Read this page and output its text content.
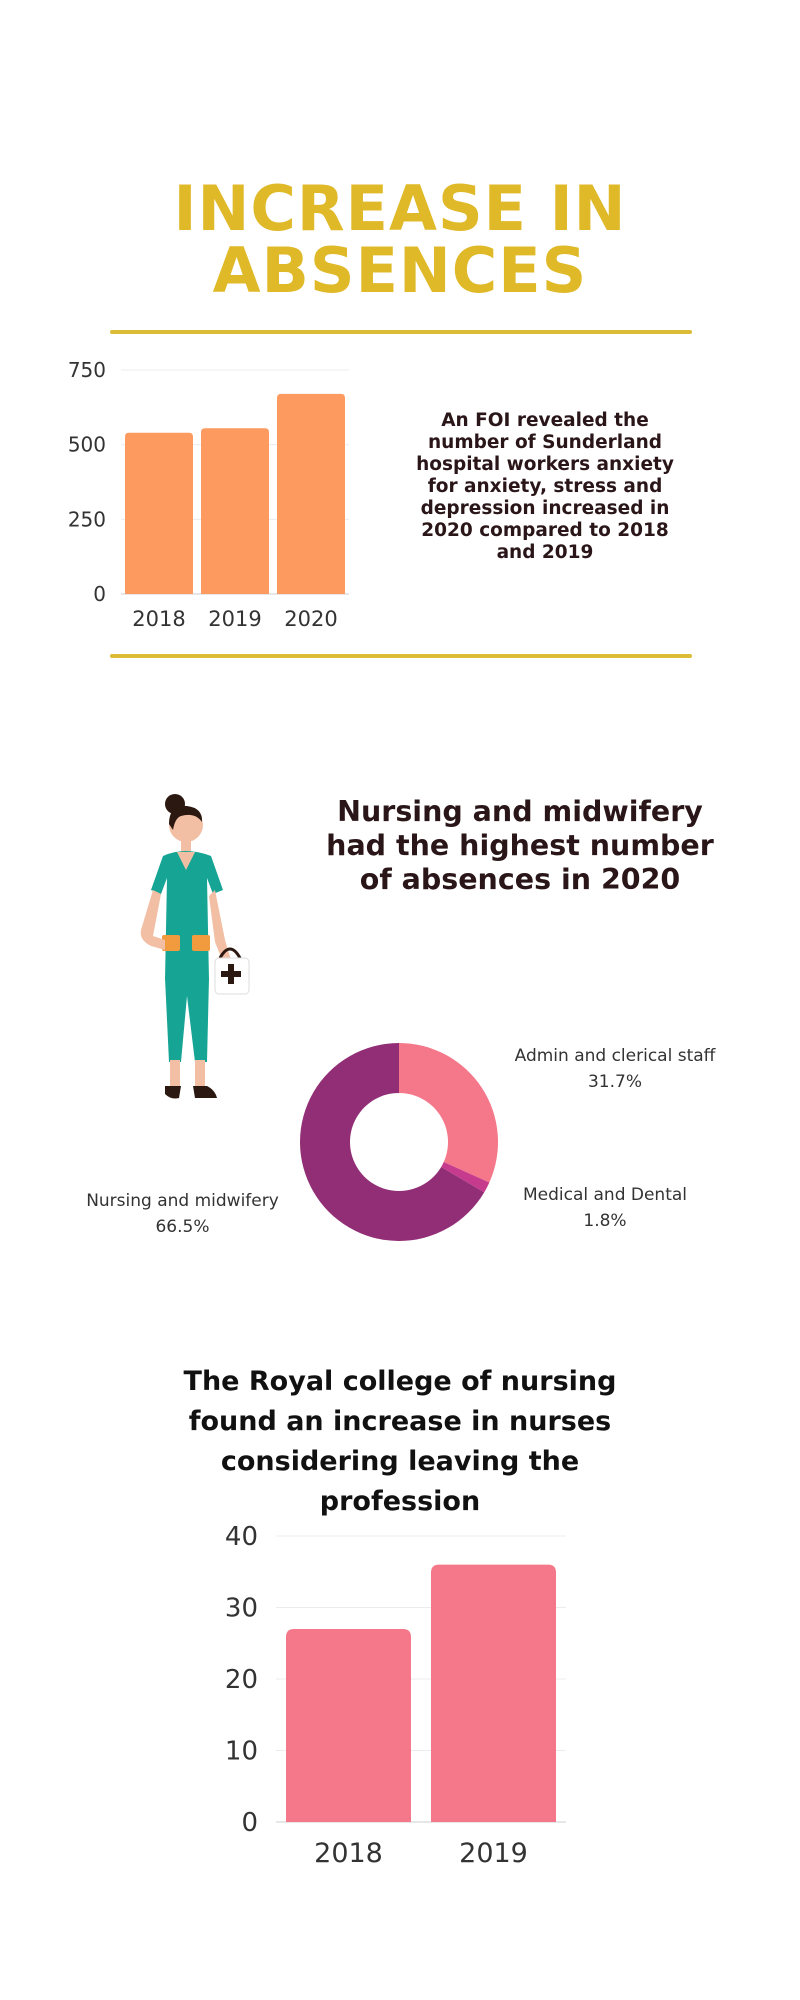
INCREASE IN
ABSENCES
0
250
500
750
2018 2019 2020
An FOI revealed the number of Sunderland hospital workers anxiety for anxiety, stress and depression increased in 2020 compared to 2018 and 2019
Nursing and midwifery had the highest number of absences in 2020
Admin and clerical staff
31.7%
Medical and Dental
1.8%
Nursing and midwifery
66.5%
The Royal college of nursing found an increase in nurses considering leaving the profession
0
10
20
30
40
2018	2019
